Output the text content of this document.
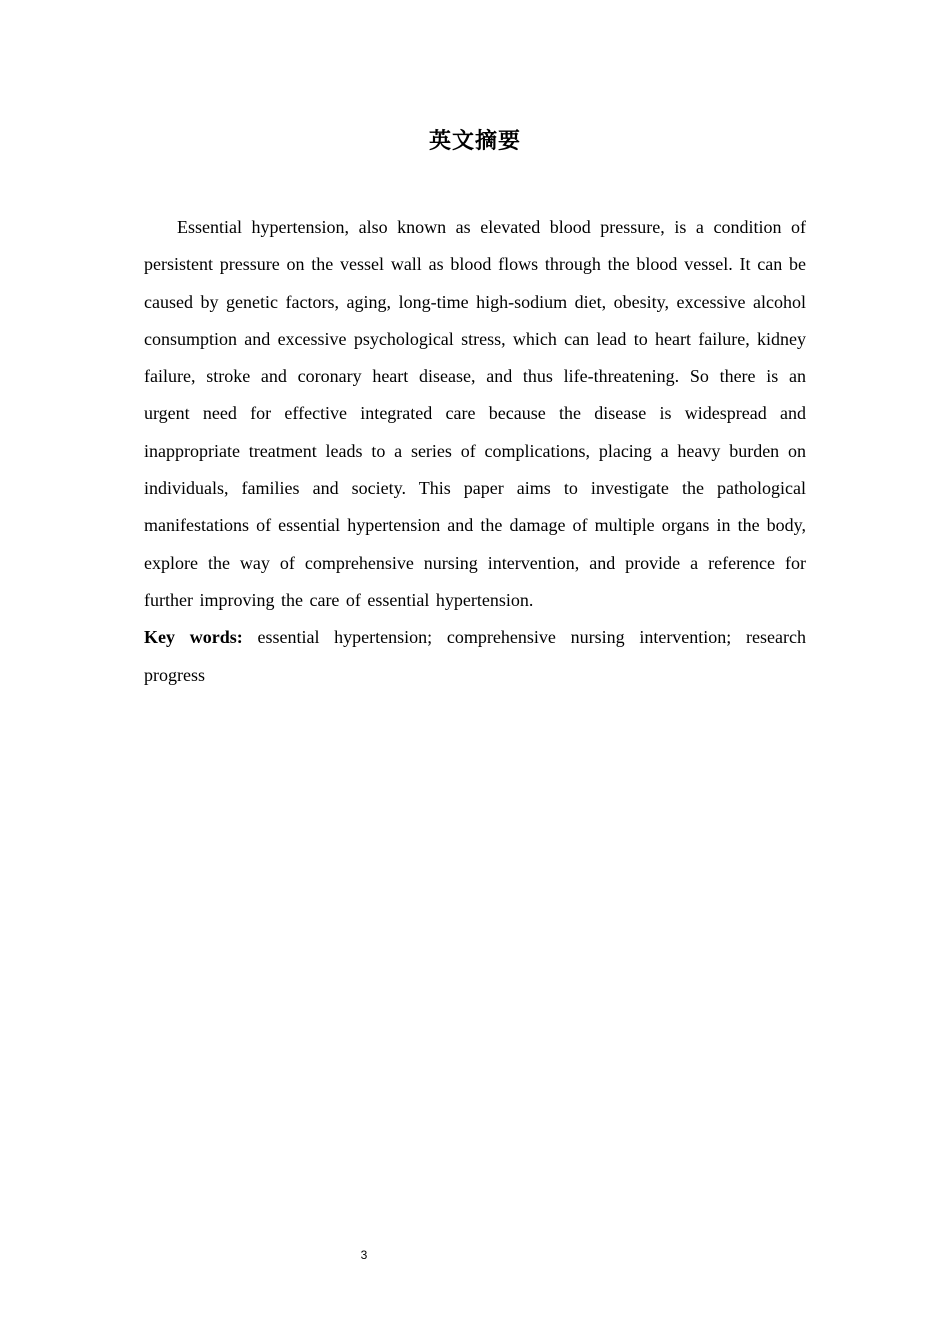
英文摘要

Essential hypertension, also known as elevated blood pressure, is a condition of persistent pressure on the vessel wall as blood flows through the blood vessel. It can be caused by genetic factors, aging, long-time high-sodium diet, obesity, excessive alcohol consumption and excessive psychological stress, which can lead to heart failure, kidney failure, stroke and coronary heart disease, and thus life-threatening. So there is an urgent need for effective integrated care because the disease is widespread and inappropriate treatment leads to a series of complications, placing a heavy burden on individuals, families and society. This paper aims to investigate the pathological manifestations of essential hypertension and the damage of multiple organs in the body, explore the way of comprehensive nursing intervention, and provide a reference for further improving the care of essential hypertension.

Key words: essential hypertension; comprehensive nursing intervention; research progress

3
